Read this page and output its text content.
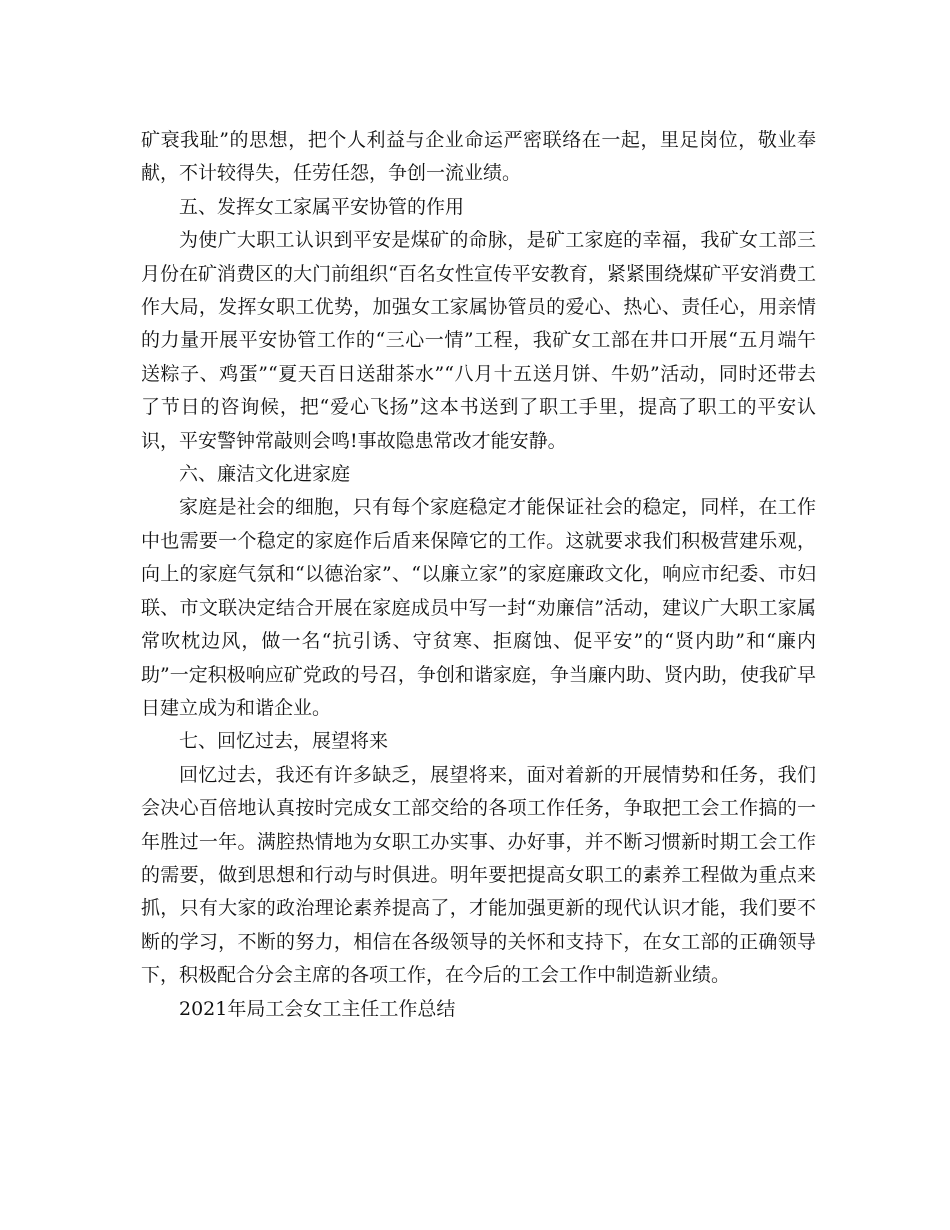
矿衰我耻”的思想，把个人利益与企业命运严密联络在一起，里足岗位，敬业奉献，不计较得失，任劳任怨，争创一流业绩。

五、发挥女工家属平安协管的作用

为使广大职工认识到平安是煤矿的命脉，是矿工家庭的幸福，我矿女工部三月份在矿消费区的大门前组织“百名女性宣传平安教育，紧紧围绕煤矿平安消费工作大局，发挥女职工优势，加强女工家属协管员的爱心、热心、责任心，用亲情的力量开展平安协管工作的“三心一情”工程，我矿女工部在井口开展“五月端午送粽子、鸡蛋”“夏天百日送甜茶水”“八月十五送月饼、牛奶”活动，同时还带去了节日的咨询候，把“爱心飞扬”这本书送到了职工手里，提高了职工的平安认识，平安警钟常敲则会鸣!事故隐患常改才能安静。

六、廉洁文化进家庭

家庭是社会的细胞，只有每个家庭稳定才能保证社会的稳定，同样，在工作中也需要一个稳定的家庭作后盾来保障它的工作。这就要求我们积极营建乐观，向上的家庭气氛和“以德治家”、“以廉立家”的家庭廉政文化，响应市纪委、市妇联、市文联决定结合开展在家庭成员中写一封“劝廉信”活动，建议广大职工家属常吹枕边风，做一名“抗引诱、守贫寒、拒腐蚀、促平安”的“贤内助”和“廉内助”一定积极响应矿党政的号召，争创和谐家庭，争当廉内助、贤内助，使我矿早日建立成为和谐企业。

七、回忆过去，展望将来

回忆过去，我还有许多缺乏，展望将来，面对着新的开展情势和任务，我们会决心百倍地认真按时完成女工部交给的各项工作任务，争取把工会工作搞的一年胜过一年。满腔热情地为女职工办实事、办好事，并不断习惯新时期工会工作的需要，做到思想和行动与时俱进。明年要把提高女职工的素养工程做为重点来抓，只有大家的政治理论素养提高了，才能加强更新的现代认识才能，我们要不断的学习，不断的努力，相信在各级领导的关怀和支持下，在女工部的正确领导下，积极配合分会主席的各项工作，在今后的工会工作中制造新业绩。

2021年局工会女工主任工作总结
